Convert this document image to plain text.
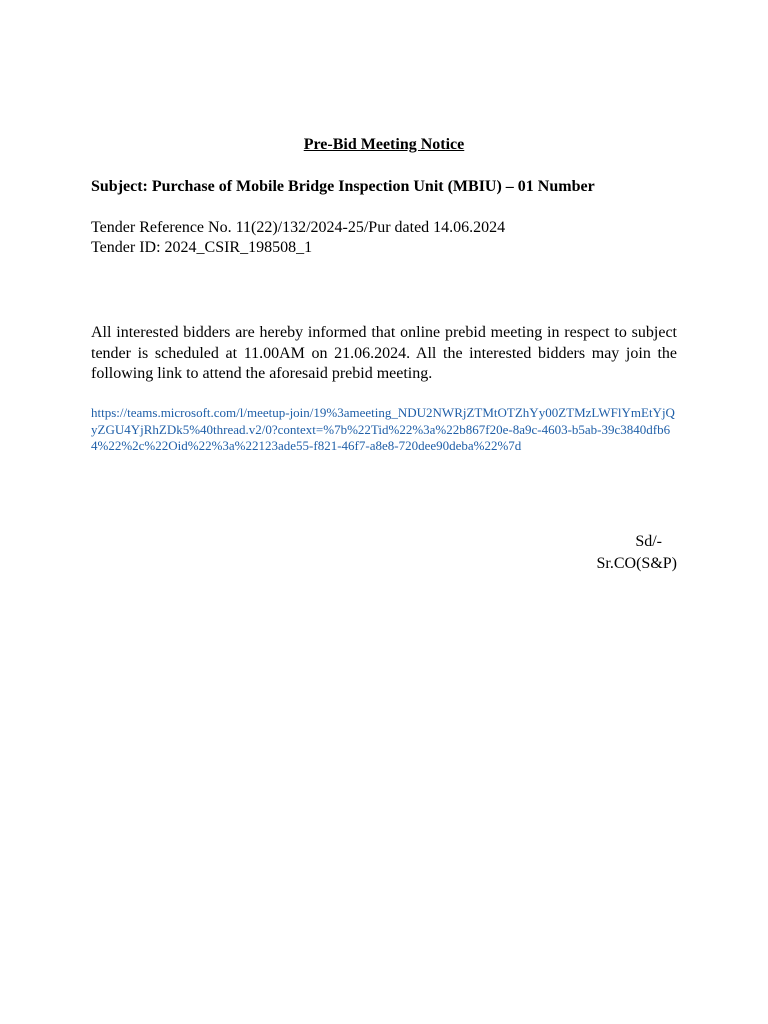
Pre-Bid Meeting Notice
Subject: Purchase of Mobile Bridge Inspection Unit (MBIU) – 01 Number
Tender Reference No. 11(22)/132/2024-25/Pur dated 14.06.2024
Tender ID: 2024_CSIR_198508_1
All interested bidders are hereby informed that online prebid meeting in respect to subject tender is scheduled at 11.00AM on 21.06.2024. All the interested bidders may join the following link to attend the aforesaid prebid meeting.
https://teams.microsoft.com/l/meetup-join/19%3ameeting_NDU2NWRjZTMtOTZhYy00ZTMzLWFlYmEtYjQyZGU4YjRhZDk5%40thread.v2/0?context=%7b%22Tid%22%3a%22b867f20e-8a9c-4603-b5ab-39c3840dfb64%22%2c%22Oid%22%3a%22123ade55-f821-46f7-a8e8-720dee90deba%22%7d
Sd/-
Sr.CO(S&P)
